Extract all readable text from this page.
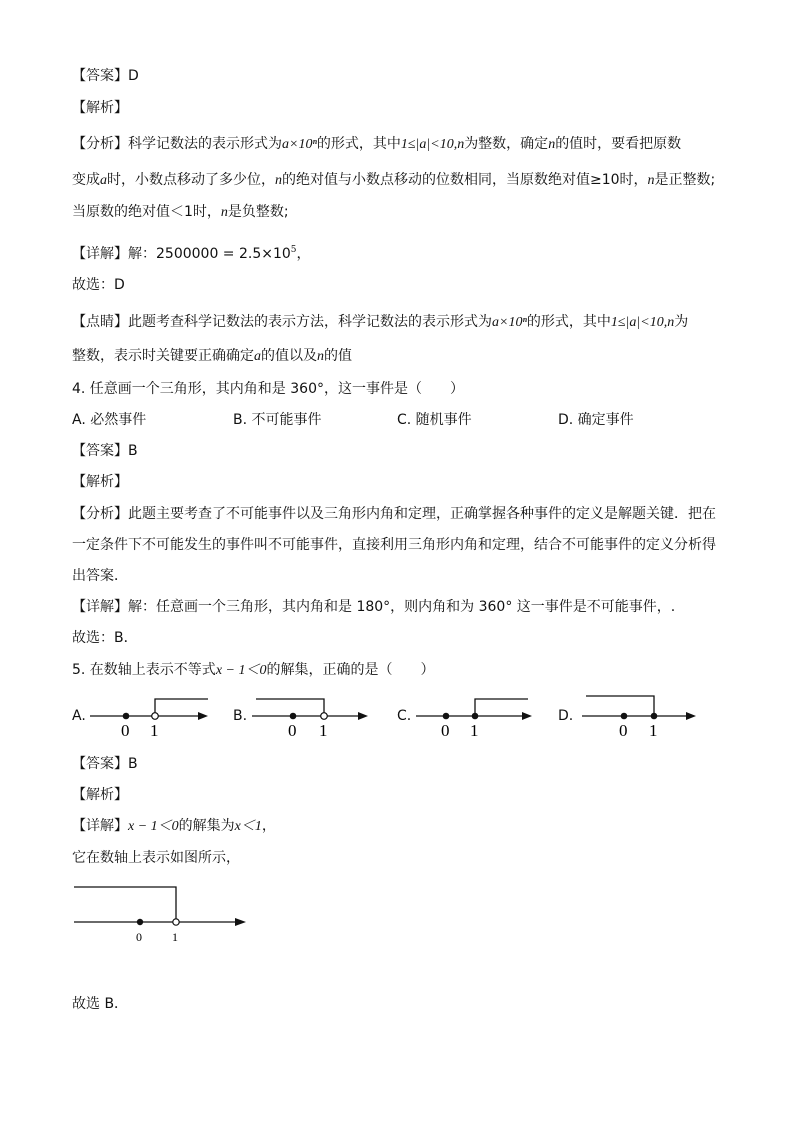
【答案】D
【解析】
【分析】科学记数法的表示形式为a×10ⁿ的形式，其中1≤|a|<10,n为整数，确定n的值时，要看把原数
变成a时，小数点移动了多少位，n的绝对值与小数点移动的位数相同，当原数绝对值≥10时，n是正整数;
当原数的绝对值＜1时，n是负整数;
【详解】解：$2500000 = 2.5\times 10^5$，
故选：D
【点睛】此题考查科学记数法的表示方法，科学记数法的表示形式为a×10ⁿ的形式，其中1≤|a|<10,n为
整数，表示时关键要正确确定a的值以及n的值
4. 任意画一个三角形，其内角和是 360°，这一事件是（　　）
A. 必然事件	B. 不可能事件	C. 随机事件	D. 确定事件
【答案】B
【解析】
【分析】此题主要考查了不可能事件以及三角形内角和定理，正确掌握各种事件的定义是解题关键．把在
一定条件下不可能发生的事件叫不可能事件，直接利用三角形内角和定理，结合不可能事件的定义分析得
出答案．
【详解】解：任意画一个三角形，其内角和是 180°，则内角和为 360° 这一事件是不可能事件，.
故选：B．
5. 在数轴上表示不等式x − 1＜0的解集，正确的是（　　）
A.
0 1
B.
0 1
C.
0 1
D.
0 1
【答案】B
【解析】
【详解】x − 1＜0的解集为x＜1，
它在数轴上表示如图所示，
0	1
故选 B．
